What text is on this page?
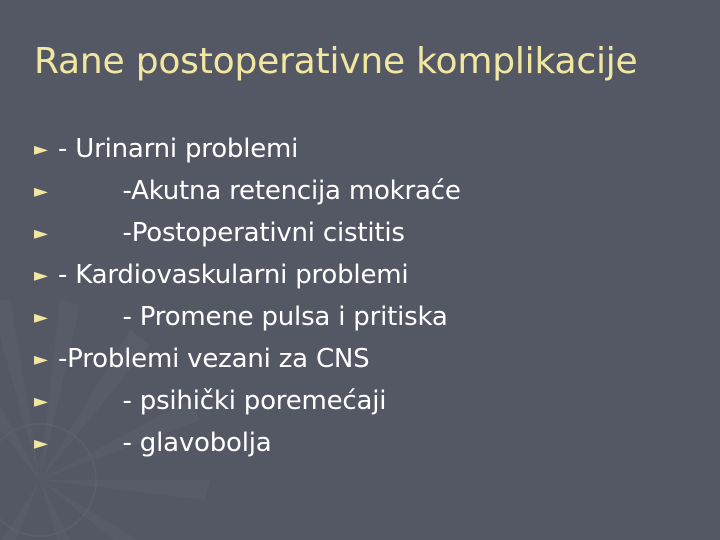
Rane postoperativne komplikacije
► - Urinarni problemi
► -Akutna retencija mokraće
► -Postoperativni cistitis
► - Kardiovaskularni problemi
► - Promene pulsa i pritiska
► -Problemi vezani za CNS
► - psihički poremećaji
► - glavobolja
